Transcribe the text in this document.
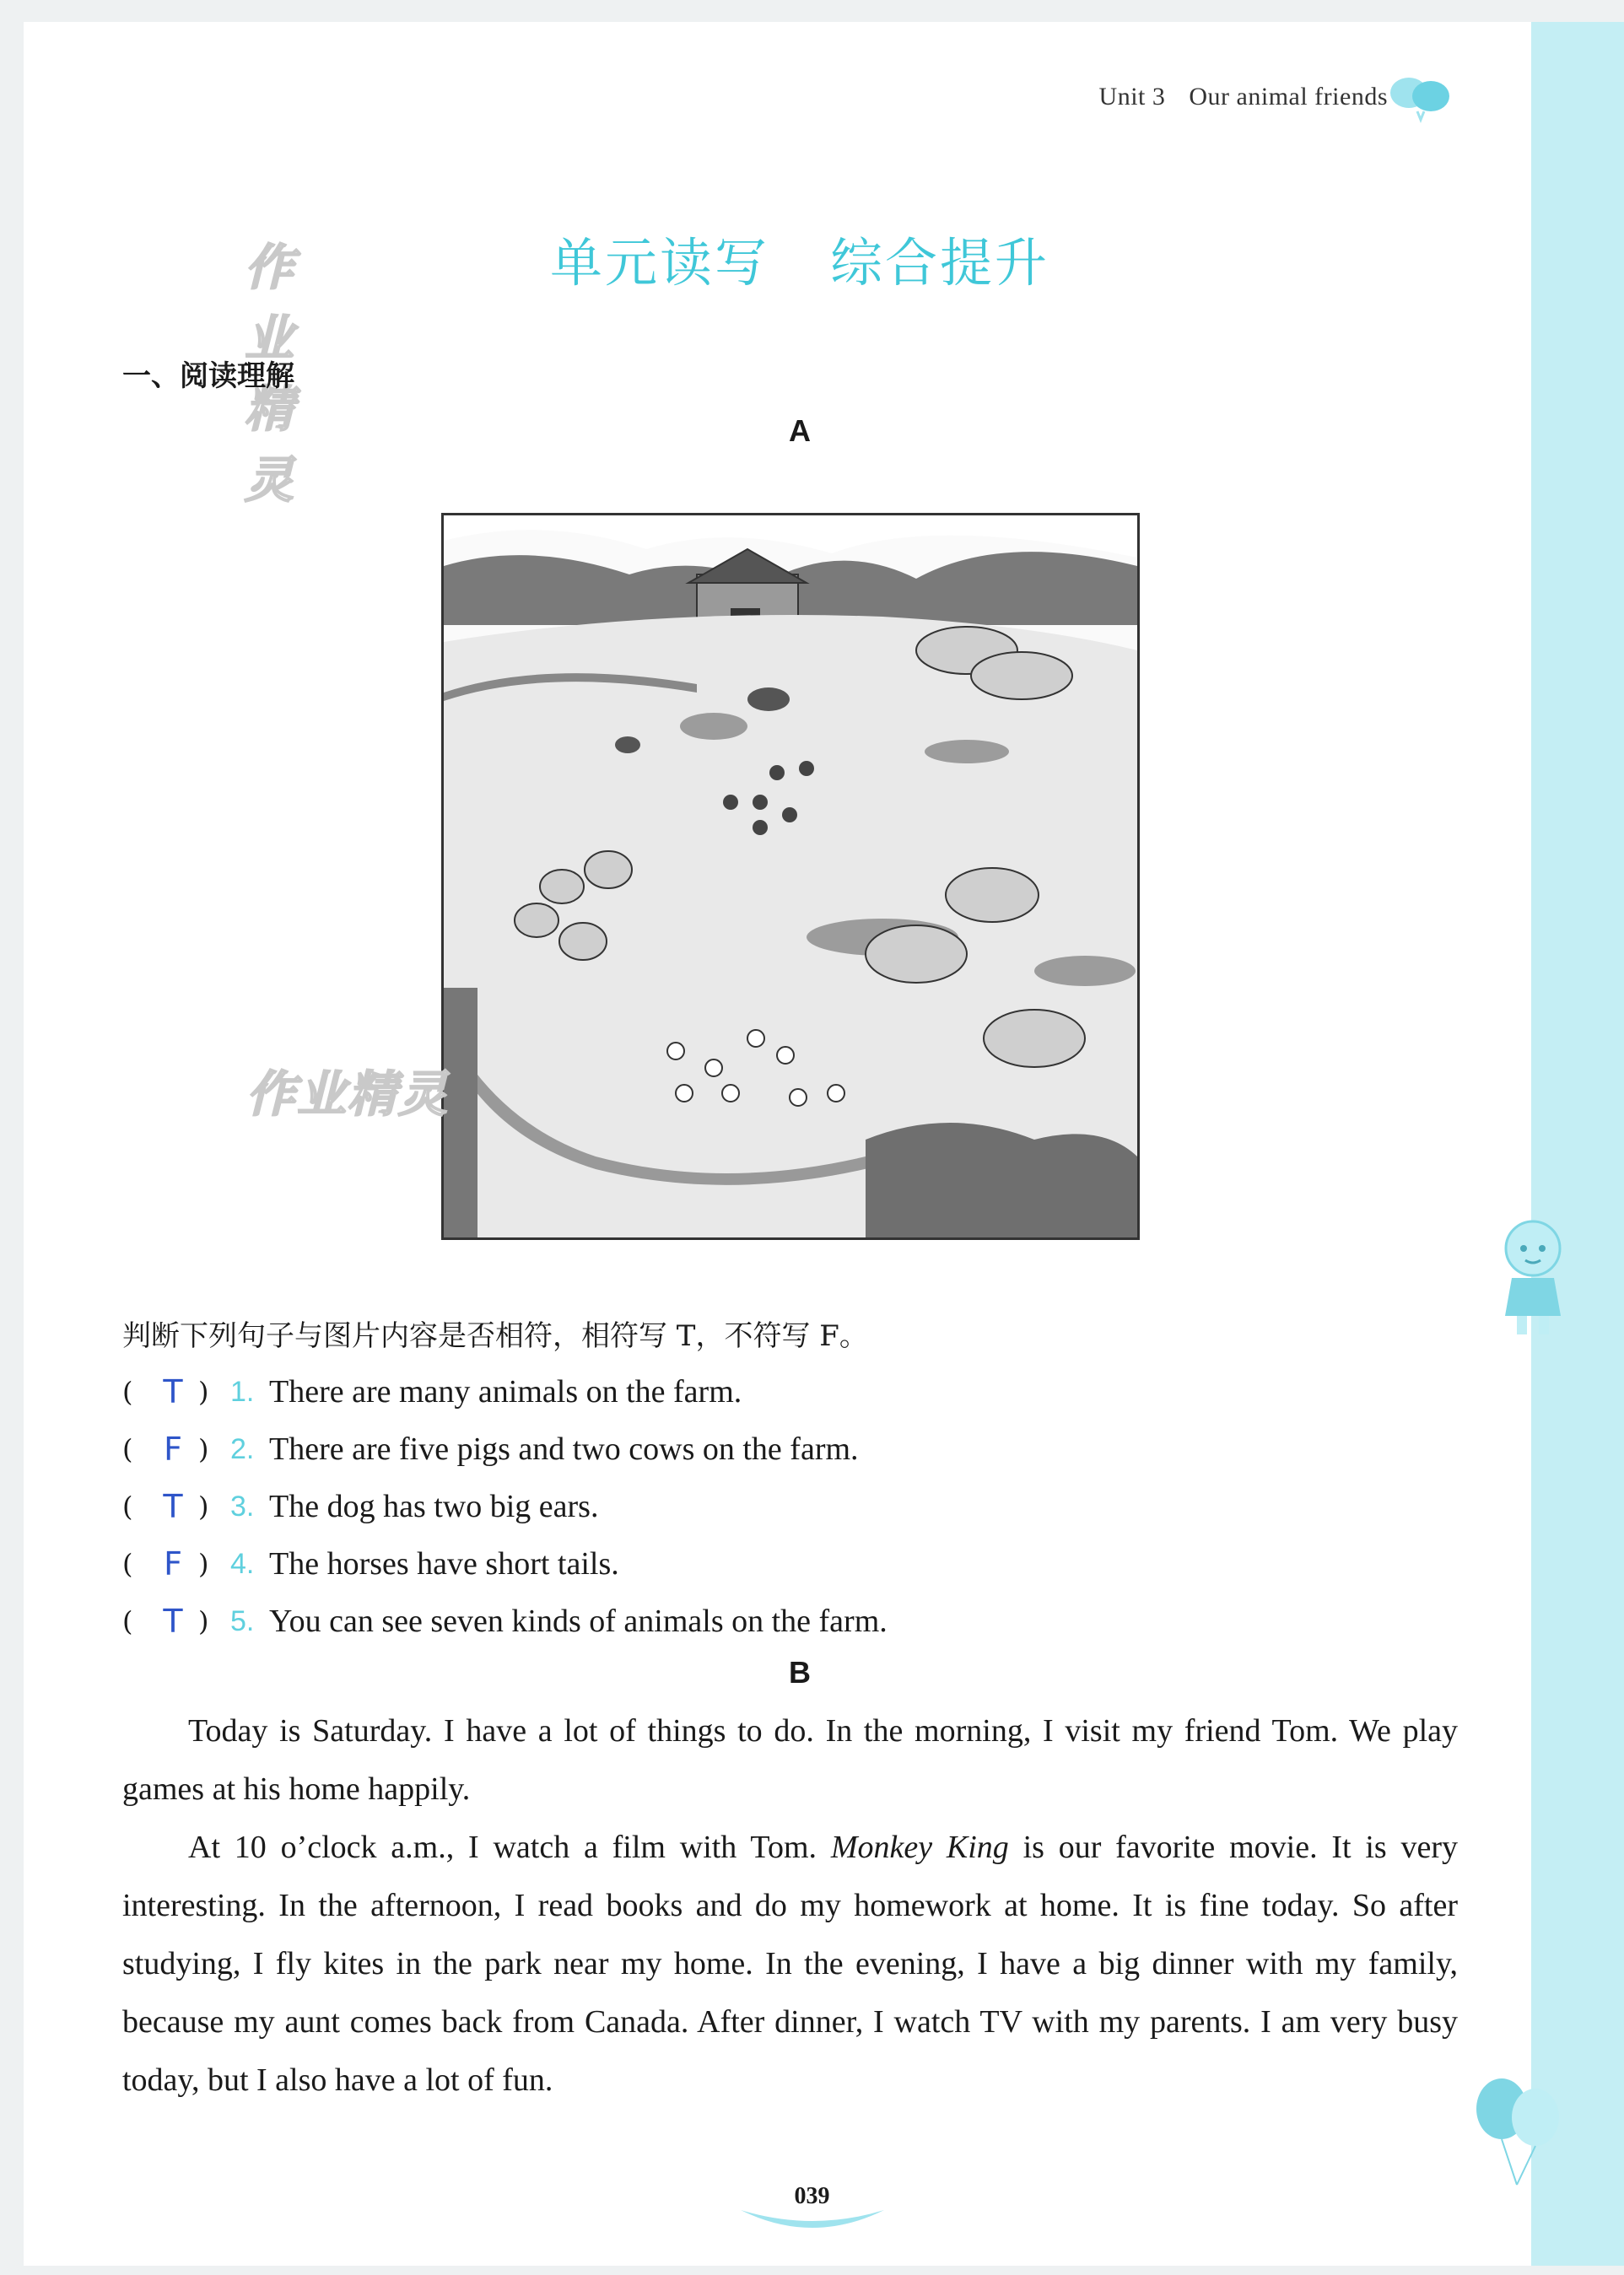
Unit 3 Our animal friends
作业精灵
单元读写 综合提升
一、阅读理解
A
作业精灵
判断下列句子与图片内容是否相符，相符写 T，不符写 F。
( T ) 1. There are many animals on the farm.
( F ) 2. There are five pigs and two cows on the farm.
( T ) 3. The dog has two big ears.
( F ) 4. The horses have short tails.
( T ) 5. You can see seven kinds of animals on the farm.
B

Today is Saturday. I have a lot of things to do. In the morning, I visit my friend Tom. We play games at his home happily.

At 10 o’clock a.m., I watch a film with Tom. Monkey King is our favorite movie. It is very interesting. In the afternoon, I read books and do my homework at home. It is fine today. So after studying, I fly kites in the park near my home. In the evening, I have a big dinner with my family, because my aunt comes back from Canada. After dinner, I watch TV with my parents. I am very busy today, but I also have a lot of fun.

039
